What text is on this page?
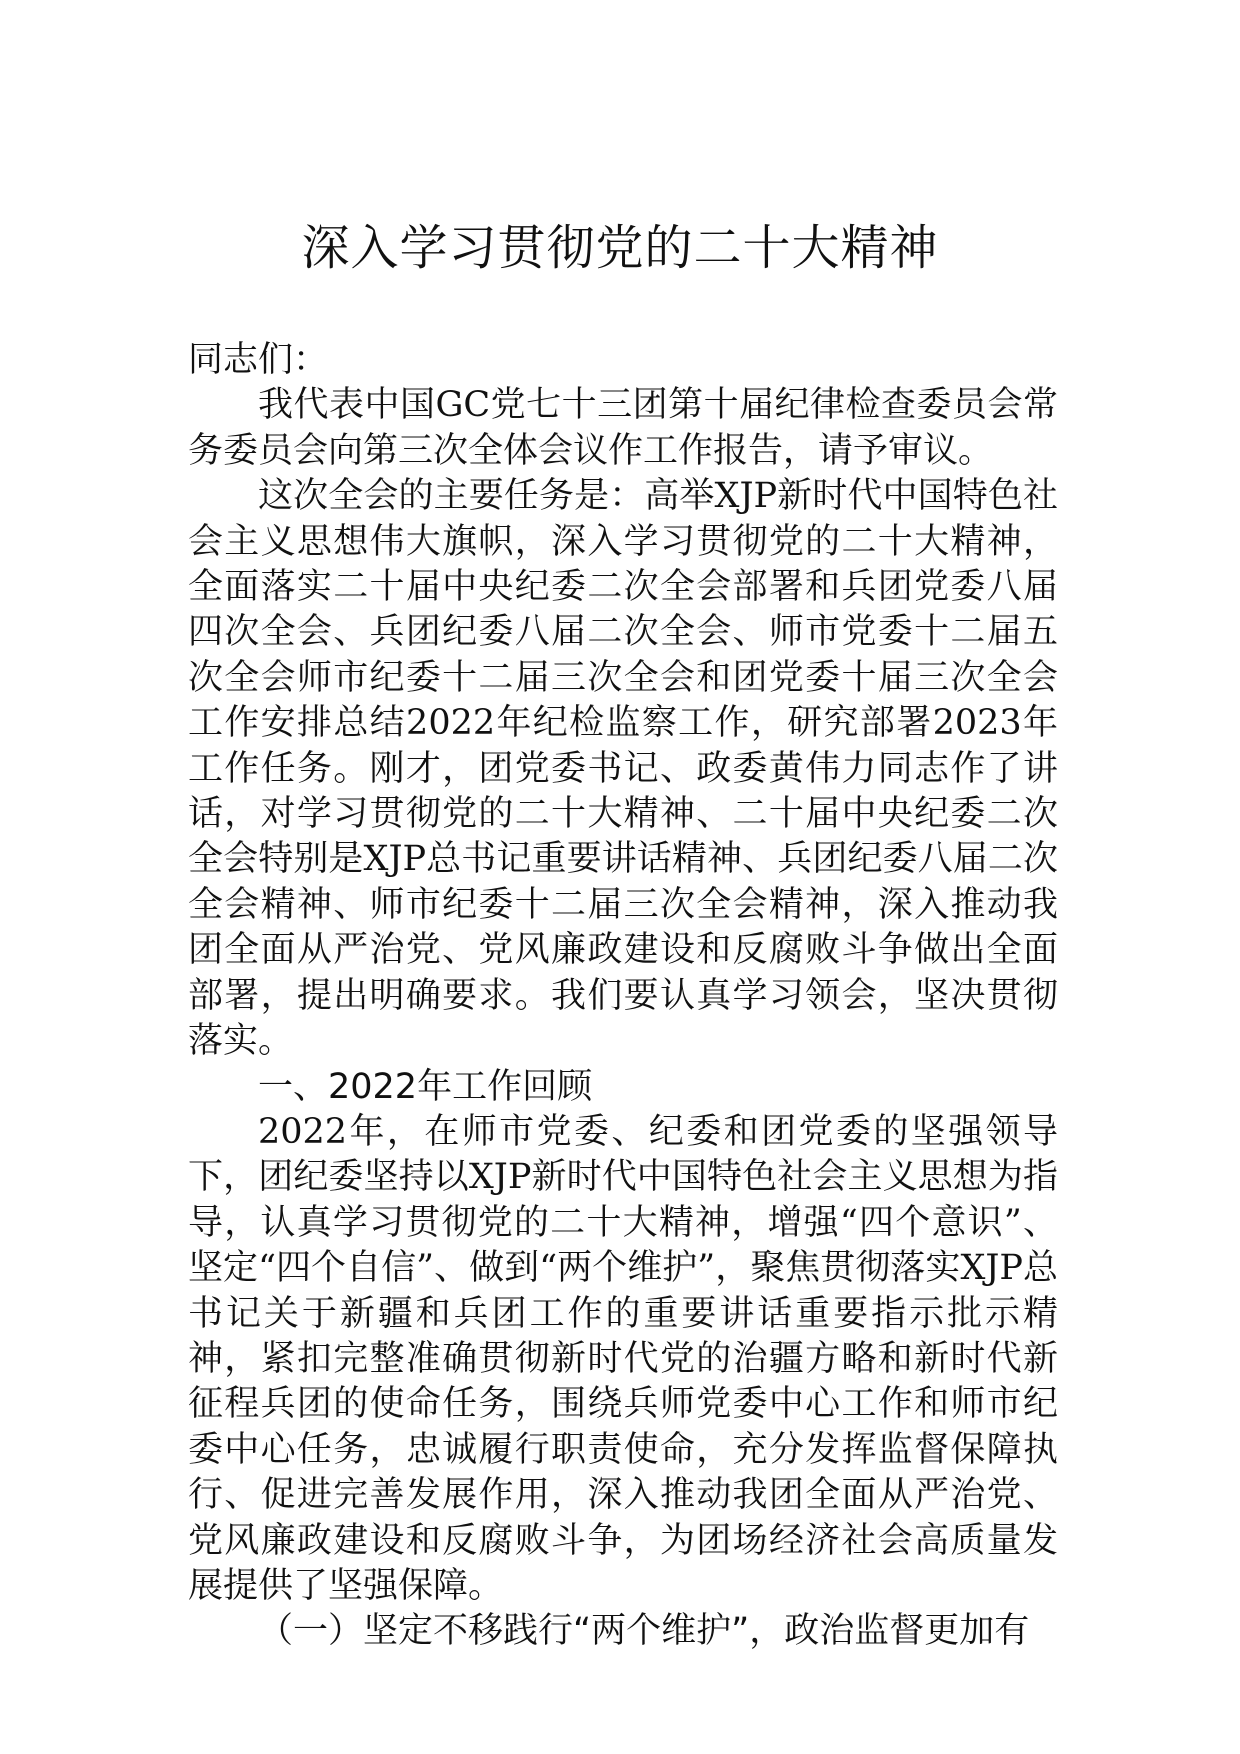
深入学习贯彻党的二十大精神

同志们：

我代表中国GC党七十三团第十届纪律检查委员会常务委员会向第三次全体会议作工作报告，请予审议。

这次全会的主要任务是：高举XJP新时代中国特色社会主义思想伟大旗帜，深入学习贯彻党的二十大精神，全面落实二十届中央纪委二次全会部署和兵团党委八届四次全会、兵团纪委八届二次全会、师市党委十二届五次全会师市纪委十二届三次全会和团党委十届三次全会工作安排总结2022年纪检监察工作，研究部署2023年工作任务。刚才，团党委书记、政委黄伟力同志作了讲话，对学习贯彻党的二十大精神、二十届中央纪委二次全会特别是XJP总书记重要讲话精神、兵团纪委八届二次全会精神、师市纪委十二届三次全会精神，深入推动我团全面从严治党、党风廉政建设和反腐败斗争做出全面部署，提出明确要求。我们要认真学习领会，坚决贯彻落实。

一、2022年工作回顾

2022年，在师市党委、纪委和团党委的坚强领导下，团纪委坚持以XJP新时代中国特色社会主义思想为指导，认真学习贯彻党的二十大精神，增强“四个意识”、坚定“四个自信”、做到“两个维护”，聚焦贯彻落实XJP总书记关于新疆和兵团工作的重要讲话重要指示批示精神，紧扣完整准确贯彻新时代党的治疆方略和新时代新征程兵团的使命任务，围绕兵师党委中心工作和师市纪委中心任务，忠诚履行职责使命，充分发挥监督保障执行、促进完善发展作用，深入推动我团全面从严治党、党风廉政建设和反腐败斗争，为团场经济社会高质量发展提供了坚强保障。

（一）坚定不移践行“两个维护”，政治监督更加有
